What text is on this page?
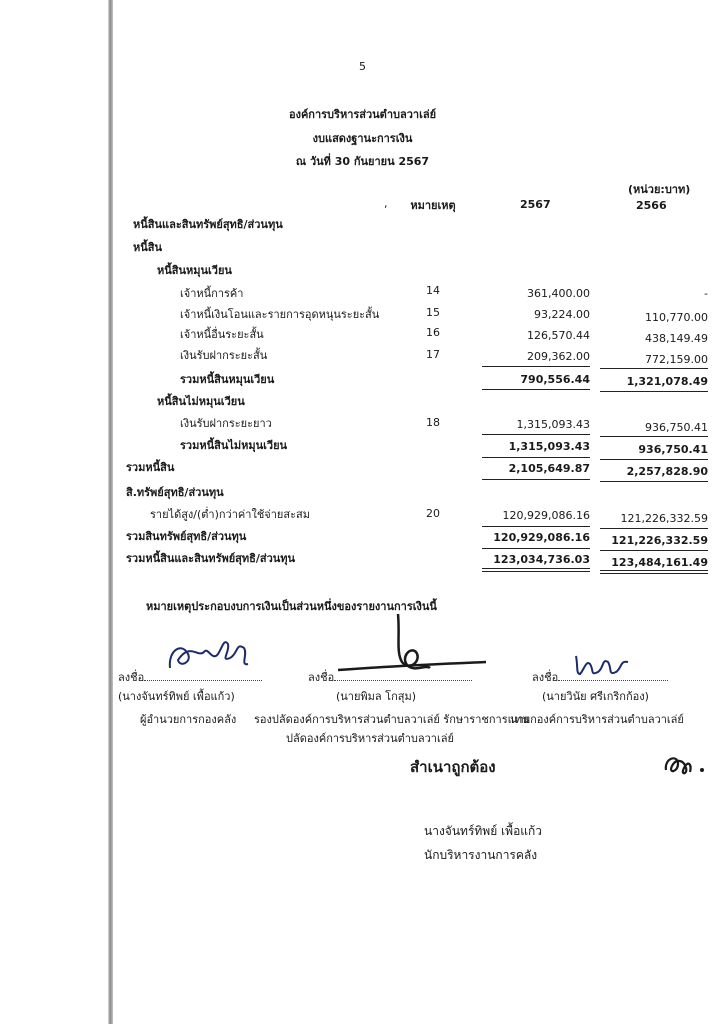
5
องค์การบริหารส่วนตำบลวาเล่ย์
งบแสดงฐานะการเงิน
ณ วันที่ 30 กันยายน 2567
(หน่วย:บาท)
, หมายเหตุ	2567	2566
หนี้สินและสินทรัพย์สุทธิ/ส่วนทุน
หนี้สิน
หนี้สินหมุนเวียน
เจ้าหนี้การค้า	14	361,400.00	-
เจ้าหนี้เงินโอนและรายการอุดหนุนระยะสั้น	15	93,224.00	110,770.00
เจ้าหนี้อื่นระยะสั้น	16	126,570.44	438,149.49
เงินรับฝากระยะสั้น	17	209,362.00	772,159.00
รวมหนี้สินหมุนเวียน	790,556.44	1,321,078.49
หนี้สินไม่หมุนเวียน
เงินรับฝากระยะยาว	18	1,315,093.43	936,750.41
รวมหนี้สินไม่หมุนเวียน	1,315,093.43	936,750.41
รวมหนี้สิน	2,105,649.87	2,257,828.90
สิ.ทรัพย์สุทธิ/ส่วนทุน
รายได้สูง/(ต่ำ)กว่าค่าใช้จ่ายสะสม	20	120,929,086.16	121,226,332.59
รวมสินทรัพย์สุทธิ/ส่วนทุน	120,929,086.16	121,226,332.59
รวมหนี้สินและสินทรัพย์สุทธิ/ส่วนทุน	123,034,736.03	123,484,161.49
หมายเหตุประกอบงบการเงินเป็นส่วนหนึ่งของรายงานการเงินนี้
ลงชื่อ
(นางจันทร์ทิพย์ เพื้อแก้ว)
ผู้อำนวยการกองคลัง
ลงชื่อ
(นายพิมล โกสุม)
รองปลัดองค์การบริหารส่วนตำบลวาเล่ย์ รักษาราชการแทน
ปลัดองค์การบริหารส่วนตำบลวาเล่ย์
ลงชื่อ
(นายวินัย ศรีเกริกก้อง)
นายกองค์การบริหารส่วนตำบลวาเล่ย์
สำเนาถูกต้อง
นางจันทร์ทิพย์ เพื้อแก้ว
นักบริหารงานการคลัง
